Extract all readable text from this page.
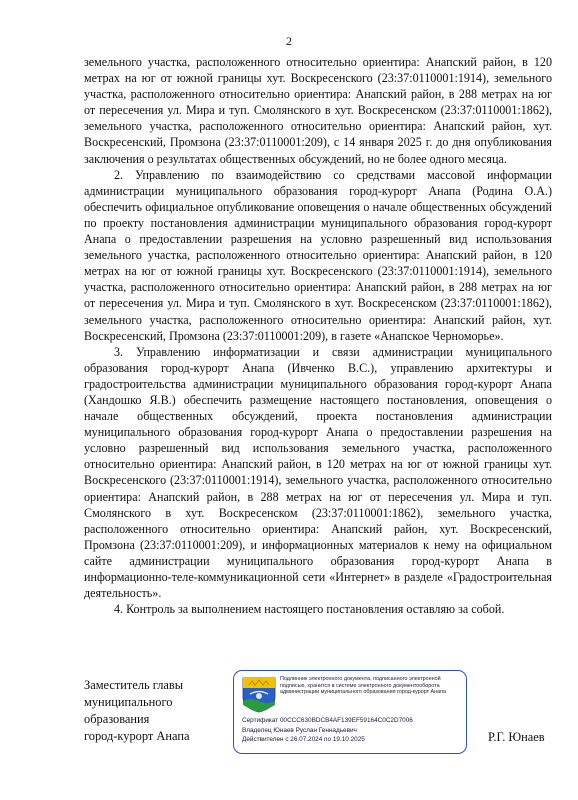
2

земельного участка, расположенного относительно ориентира: Анапский район, в 120 метрах на юг от южной границы хут. Воскресенского (23:37:0110001:1914), земельного участка, расположенного относительно ориентира: Анапский район, в 288 метрах на юг от пересечения ул. Мира и туп. Смолянского в хут. Воскресенском (23:37:0110001:1862), земельного участка, расположенного относительно ориентира: Анапский район, хут. Воскресенский, Промзона (23:37:0110001:209), с 14 января 2025 г. до дня опубликования заключения о результатах общественных обсуждений, но не более одного месяца.

2. Управлению по взаимодействию со средствами массовой информации администрации муниципального образования город-курорт Анапа (Родина О.А.) обеспечить официальное опубликование оповещения о начале общественных обсуждений по проекту постановления администрации муниципального образования город-курорт Анапа о предоставлении разрешения на условно разрешенный вид использования земельного участка, расположенного относительно ориентира: Анапский район, в 120 метрах на юг от южной границы хут. Воскресенского (23:37:0110001:1914), земельного участка, расположенного относительно ориентира: Анапский район, в 288 метрах на юг от пересечения ул. Мира и туп. Смолянского в хут. Воскресенском (23:37:0110001:1862), земельного участка, расположенного относительно ориентира: Анапский район, хут. Воскресенский, Промзона (23:37:0110001:209), в газете «Анапское Черноморье».

3. Управлению информатизации и связи администрации муниципального образования город-курорт Анапа (Ивченко В.С.), управлению архитектуры и градостроительства администрации муниципального образования город-курорт Анапа (Хандошко Я.В.) обеспечить размещение настоящего постановления, оповещения о начале общественных обсуждений, проекта постановления администрации муниципального образования город-курорт Анапа о предоставлении разрешения на условно разрешенный вид использования земельного участка, расположенного относительно ориентира: Анапский район, в 120 метрах на юг от южной границы хут. Воскресенского (23:37:0110001:1914), земельного участка, расположенного относительно ориентира: Анапский район, в 288 метрах на юг от пересечения ул. Мира и туп. Смолянского в хут. Воскресенском (23:37:0110001:1862), земельного участка, расположенного относительно ориентира: Анапский район, хут. Воскресенский, Промзона (23:37:0110001:209), и информационных материалов к нему на официальном сайте администрации муниципального образования город-курорт Анапа в информационно-теле-коммуникационной сети «Интернет» в разделе «Градостроительная деятельность».

4. Контроль за выполнением настоящего постановления оставляю за собой.

Заместитель главы
муниципального
образования
город-курорт Анапа
Подлинник электронного документа, подписанного электронной подписью, хранится в системе электронного документооборота администрации муниципального образования город-курорт Анапа
Сертификат 00CCC630BDCB4AF139EF59164C0C2D7006
Владелец Юнаев Руслан Геннадьевич
Действителен с 26.07.2024 по 19.10.2025	Р.Г. Юнаев
